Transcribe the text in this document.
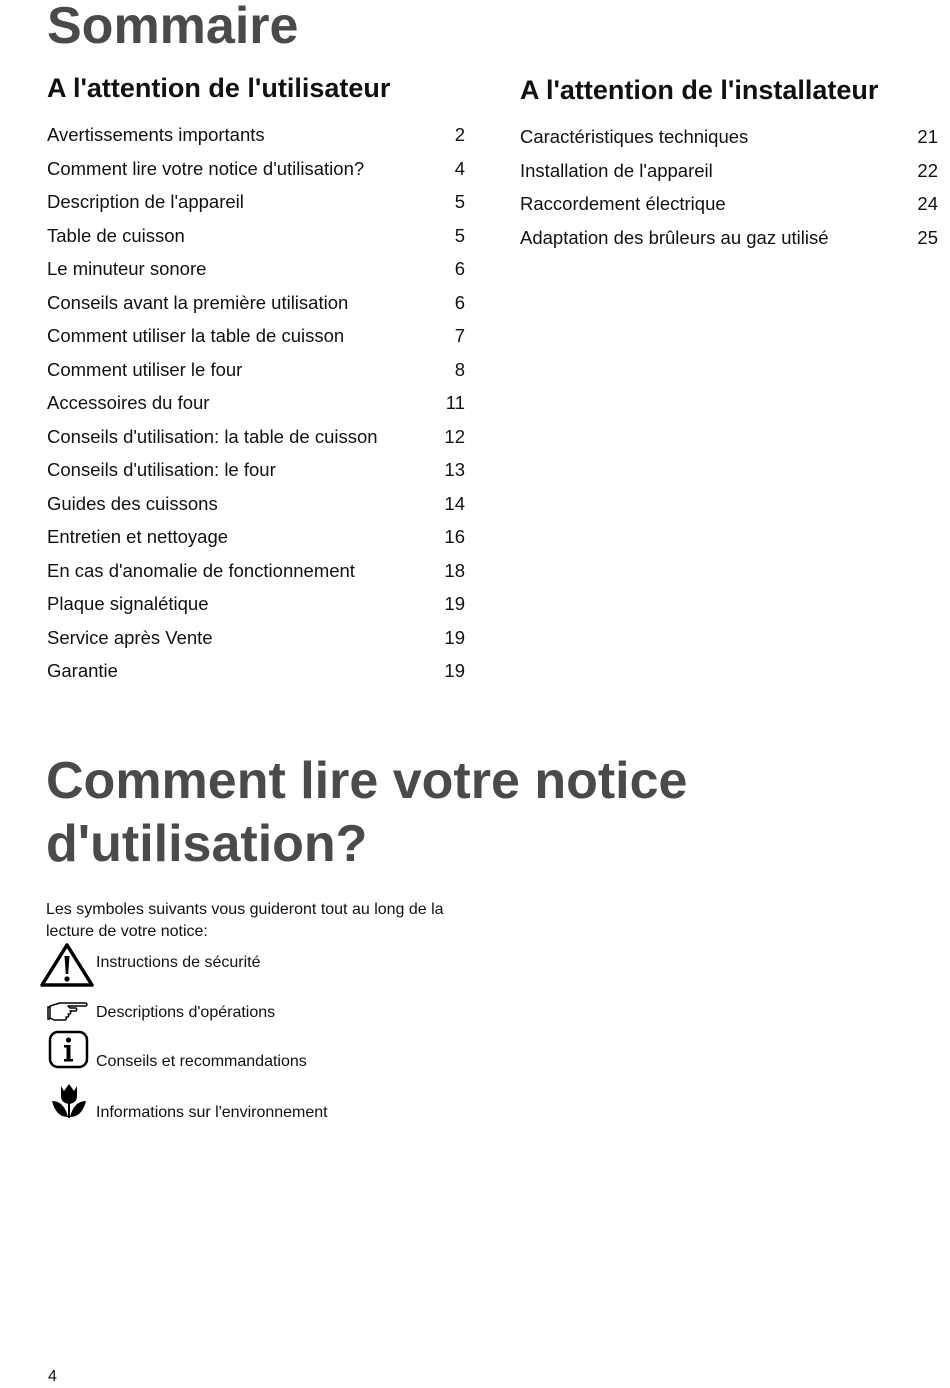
Sommaire
A l'attention de l'utilisateur
Avertissements importants	2
Comment lire votre notice d'utilisation?	4
Description de l'appareil	5
Table de cuisson	5
Le minuteur sonore	6
Conseils avant la première utilisation	6
Comment utiliser la table de cuisson	7
Comment utiliser le four	8
Accessoires du four	11
Conseils d'utilisation: la table de cuisson	12
Conseils d'utilisation: le four	13
Guides des cuissons	14
Entretien et nettoyage	16
En cas d'anomalie de fonctionnement	18
Plaque signalétique	19
Service après Vente	19
Garantie	19
A l'attention de l'installateur
Caractéristiques techniques	21
Installation de l'appareil	22
Raccordement électrique	24
Adaptation des brûleurs au gaz utilisé	25
Comment lire votre notice
d'utilisation?

Les symboles suivants vous guideront tout au long de la lecture de votre notice:

Instructions de sécurité
Descriptions d'opérations
Conseils et recommandations
Informations sur l'environnement
4
